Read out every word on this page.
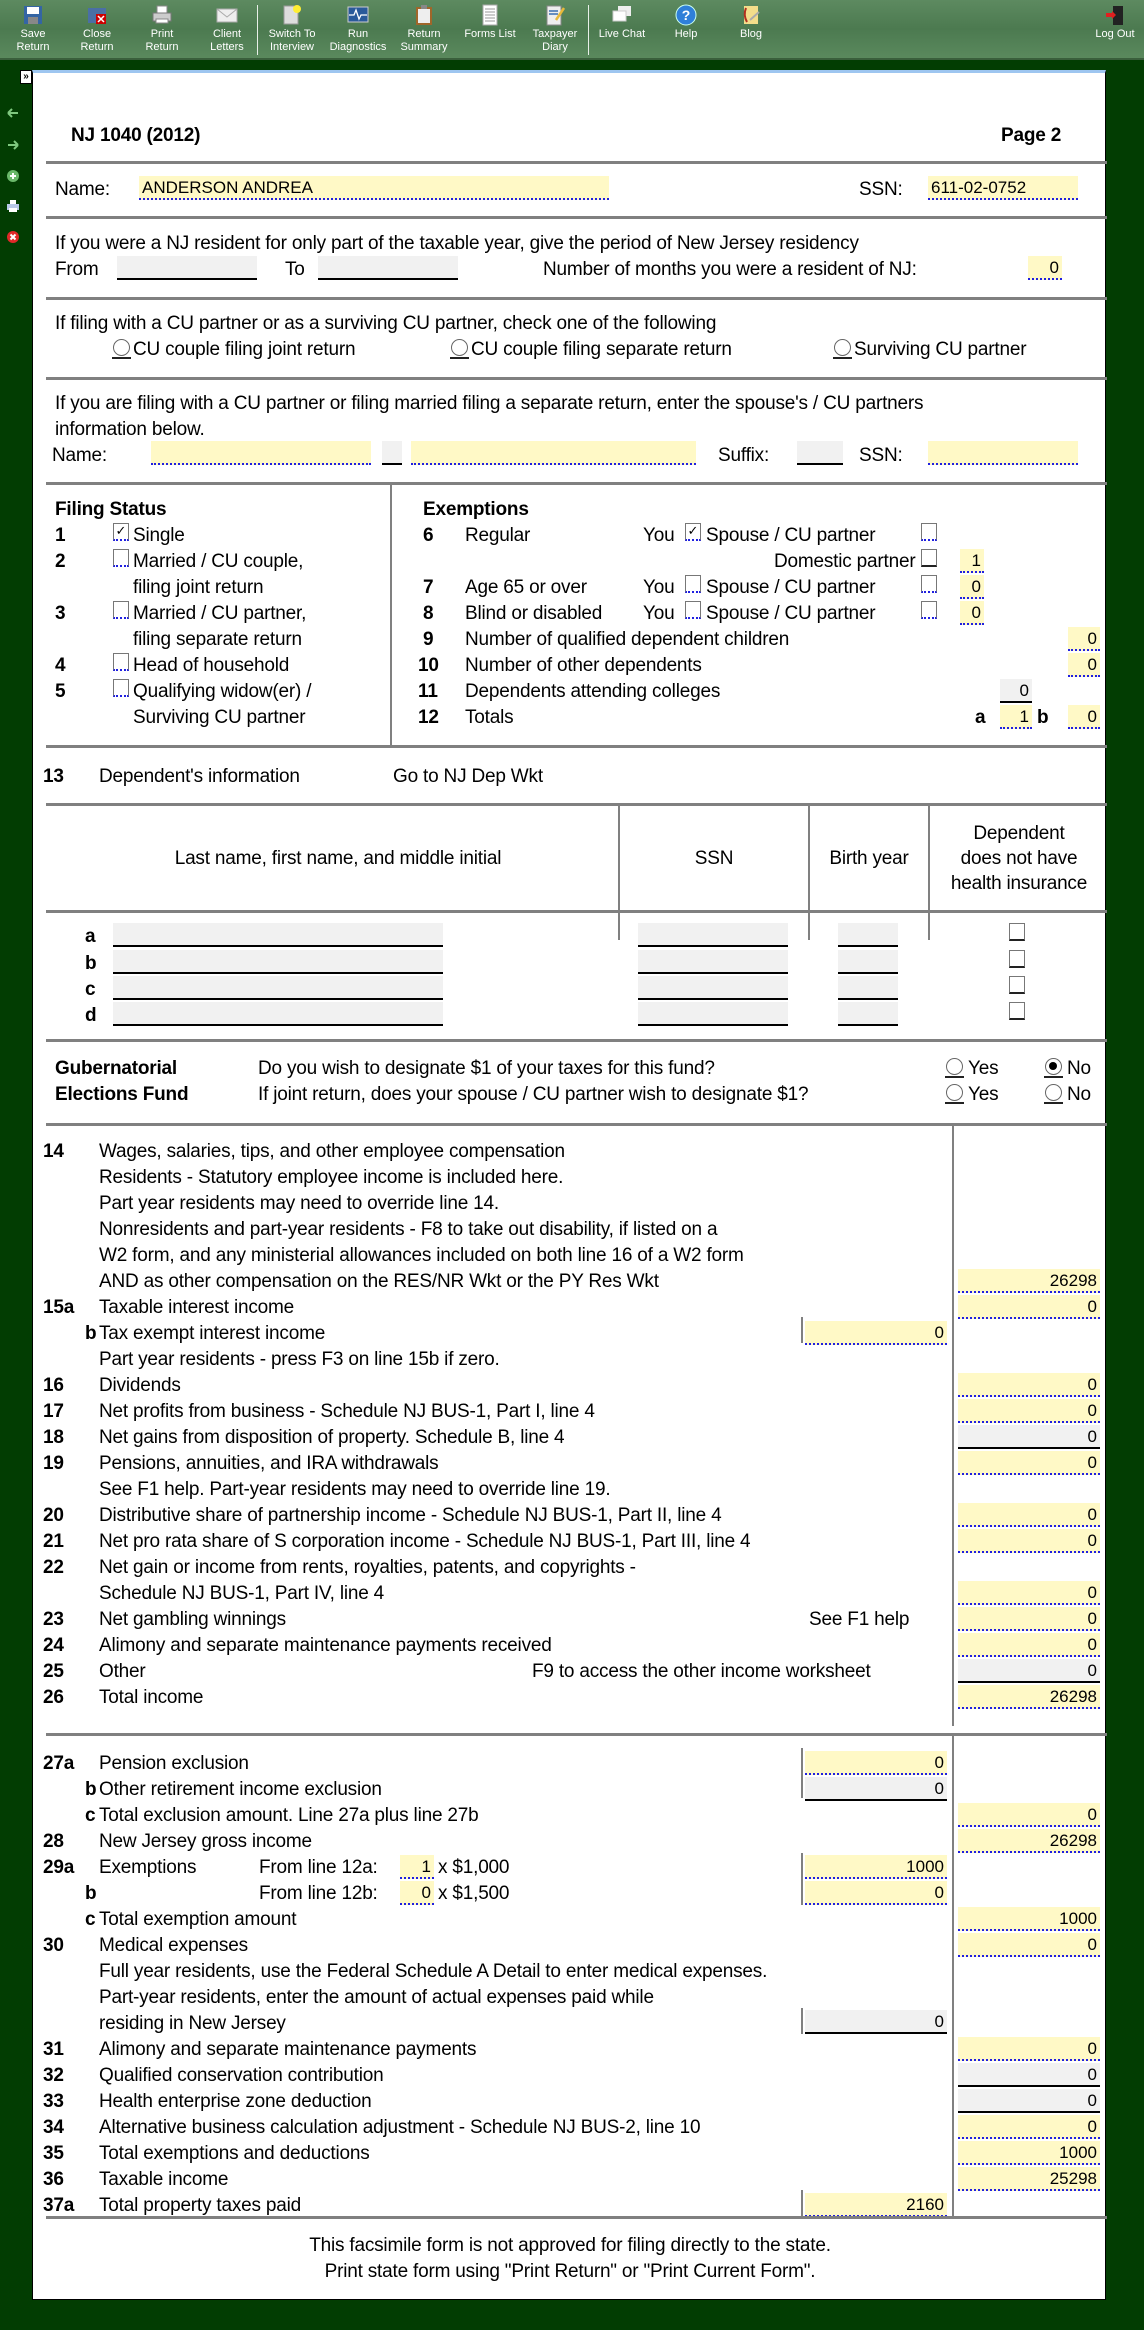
Save
Return
Close
Return
Print
Return
Client
Letters
Switch To
Interview
Run
Diagnostics
Return
Summary
Forms List	Taxpayer
Diary
Live Chat
?
Help	Blog	Log Out
»
NJ 1040 (2012)	Page 2
Name: ANDERSON ANDREA	SSN: 611-02-0752
If you were a NJ resident for only part of the taxable year, give the period of New Jersey residency
From	To	Number of months you were a resident of NJ:	0
If filing with a CU partner or as a surviving CU partner, check one of the following
CU couple filing joint return	CU couple filing separate return	Surviving CU partner
If you are filing with a CU partner or filing married filing a separate return, enter the spouse's / CU partners
information below.
Name:	Suffix:	SSN:
Filing Status
1	✓ Single
2	Married / CU couple,
filing joint return
3	Married / CU partner,
filing separate return
4	Head of household
5	Qualifying widow(er) /
Surviving CU partner
Exemptions
6 Regular	You ✓ Spouse / CU partner
Domestic partner	1
7 Age 65 or over	You Spouse / CU partner	0
8 Blind or disabled You Spouse / CU partner	0
9 Number of qualified dependent children	0
10 Number of other dependents	0
11 Dependents attending colleges	0
12 Totals	a	1 b	0
13 Dependent's information	Go to NJ Dep Wkt
Last name, first name, and middle initial	SSN	Birth year
Dependent
does not have
health insurance
a
b
c
d
Gubernatorial
Elections Fund
Do you wish to designate $1 of your taxes for this fund?
If joint return, does your spouse / CU partner wish to designate $1?
Yes	No
Yes	No
14 Wages, salaries, tips, and other employee compensation
Residents - Statutory employee income is included here.
Part year residents may need to override line 14.
Nonresidents and part-year residents - F8 to take out disability, if listed on a
W2 form, and any ministerial allowances included on both line 16 of a W2 form
AND as other compensation on the RES/NR Wkt or the PY Res Wkt	26298
15a Taxable interest income	0
b Tax exempt interest income	0
Part year residents - press F3 on line 15b if zero.
16 Dividends	0
17 Net profits from business - Schedule NJ BUS-1, Part I, line 4	0
18 Net gains from disposition of property. Schedule B, line 4	0
19 Pensions, annuities, and IRA withdrawals	0
See F1 help. Part-year residents may need to override line 19.
20 Distributive share of partnership income - Schedule NJ BUS-1, Part II, line 4	0
21 Net pro rata share of S corporation income - Schedule NJ BUS-1, Part III, line 4	0
22 Net gain or income from rents, royalties, patents, and copyrights -
Schedule NJ BUS-1, Part IV, line 4	0
23 Net gambling winnings	See F1 help	0
24 Alimony and separate maintenance payments received	0
25 Other	F9 to access the other income worksheet	0
26 Total income	26298
27a Pension exclusion	0
b Other retirement income exclusion	0
c Total exclusion amount. Line 27a plus line 27b	0
28 New Jersey gross income	26298
29a Exemptions	From line 12a:	1 x $1,000	1000
b	From line 12b:	0 x $1,500	0
c Total exemption amount	1000
30 Medical expenses	0
Full year residents, use the Federal Schedule A Detail to enter medical expenses.
Part-year residents, enter the amount of actual expenses paid while
residing in New Jersey	0
31 Alimony and separate maintenance payments	0
32 Qualified conservation contribution	0
33 Health enterprise zone deduction	0
34 Alternative business calculation adjustment - Schedule NJ BUS-2, line 10	0
35 Total exemptions and deductions	1000
36 Taxable income	25298
37a Total property taxes paid	2160
This facsimile form is not approved for filing directly to the state.
Print state form using "Print Return" or "Print Current Form".
